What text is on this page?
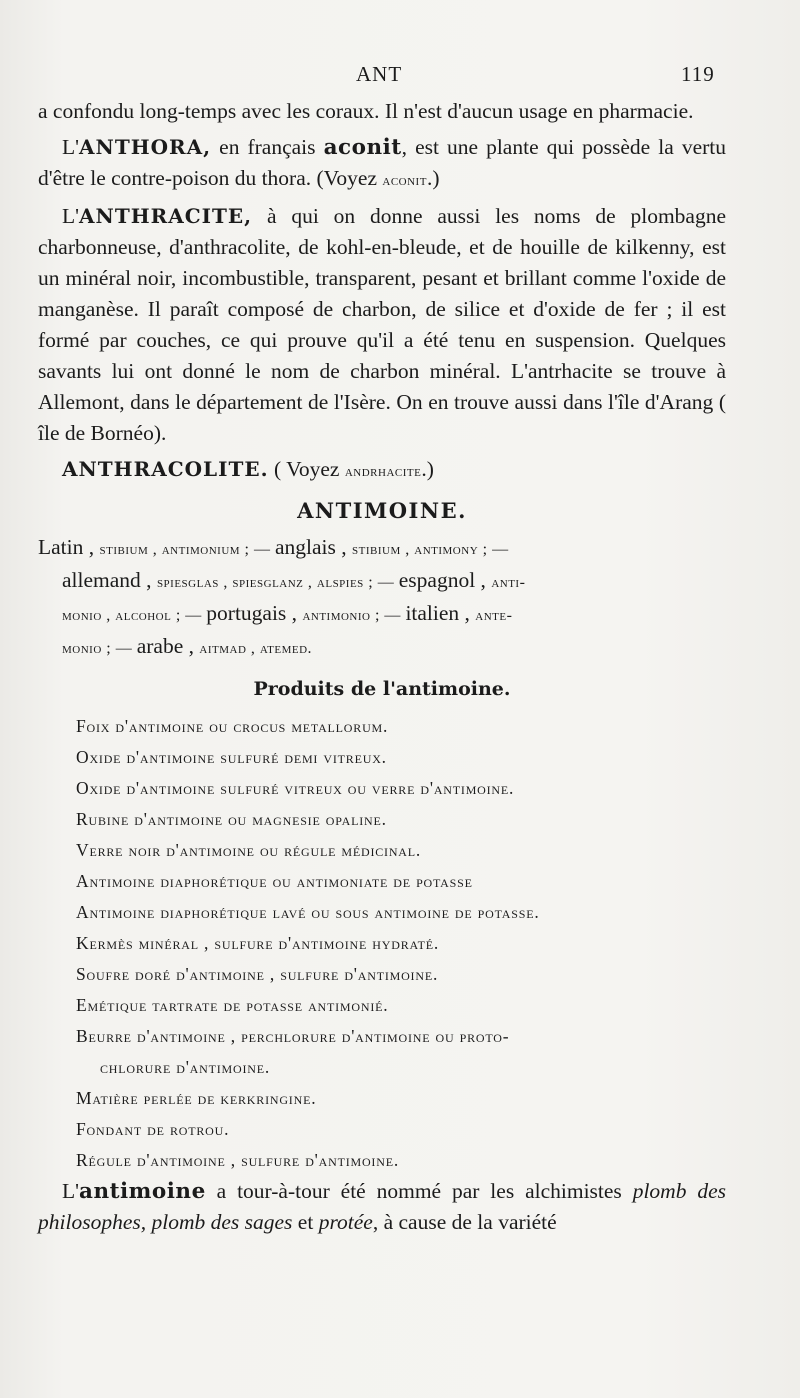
ANT	119

a confondu long-temps avec les coraux. Il n'est d'aucun usage en pharmacie.

L'ANTHORA, en français aconit, est une plante qui possède la vertu d'être le contre-poison du thora. (Voyez aconit.)

L'ANTHRACITE, à qui on donne aussi les noms de plombagne charbonneuse, d'anthracolite, de kohl-en-bleude, et de houille de kilkenny, est un minéral noir, incombustible, transparent, pesant et brillant comme l'oxide de manganèse. Il paraît composé de charbon, de silice et d'oxide de fer ; il est formé par couches, ce qui prouve qu'il a été tenu en suspension. Quelques savants lui ont donné le nom de charbon minéral. L'antrhacite se trouve à Allemont, dans le département de l'Isère. On en trouve aussi dans l'île d'Arang ( île de Bornéo).

ANTHRACOLITE. ( Voyez andrhacite.)

ANTIMOINE.
Latin , stibium , antimonium ; — anglais , stibium , antimony ; —
allemand , spiesglas , spiesglanz , alspies ; — espagnol , anti-
monio , alcohol ; — portugais , antimonio ; — italien , ante-
monio ; — arabe , aitmad , atemed.
Produits de l'antimoine.
Foix d'antimoine ou crocus metallorum.
Oxide d'antimoine sulfuré demi vitreux.
Oxide d'antimoine sulfuré vitreux ou verre d'antimoine.
Rubine d'antimoine ou magnesie opaline.
Verre noir d'antimoine ou régule médicinal.
Antimoine diaphorétique ou antimoniate de potasse
Antimoine diaphorétique lavé ou sous antimoine de potasse.
Kermès minéral , sulfure d'antimoine hydraté.
Soufre doré d'antimoine , sulfure d'antimoine.
Emétique tartrate de potasse antimonié.
Beurre d'antimoine , perchlorure d'antimoine ou proto-
chlorure d'antimoine.
Matière perlée de kerkringine.
Fondant de rotrou.
Régule d'antimoine , sulfure d'antimoine.

L'antimoine a tour-à-tour été nommé par les alchimistes plomb des philosophes, plomb des sages et protée, à cause de la variété
